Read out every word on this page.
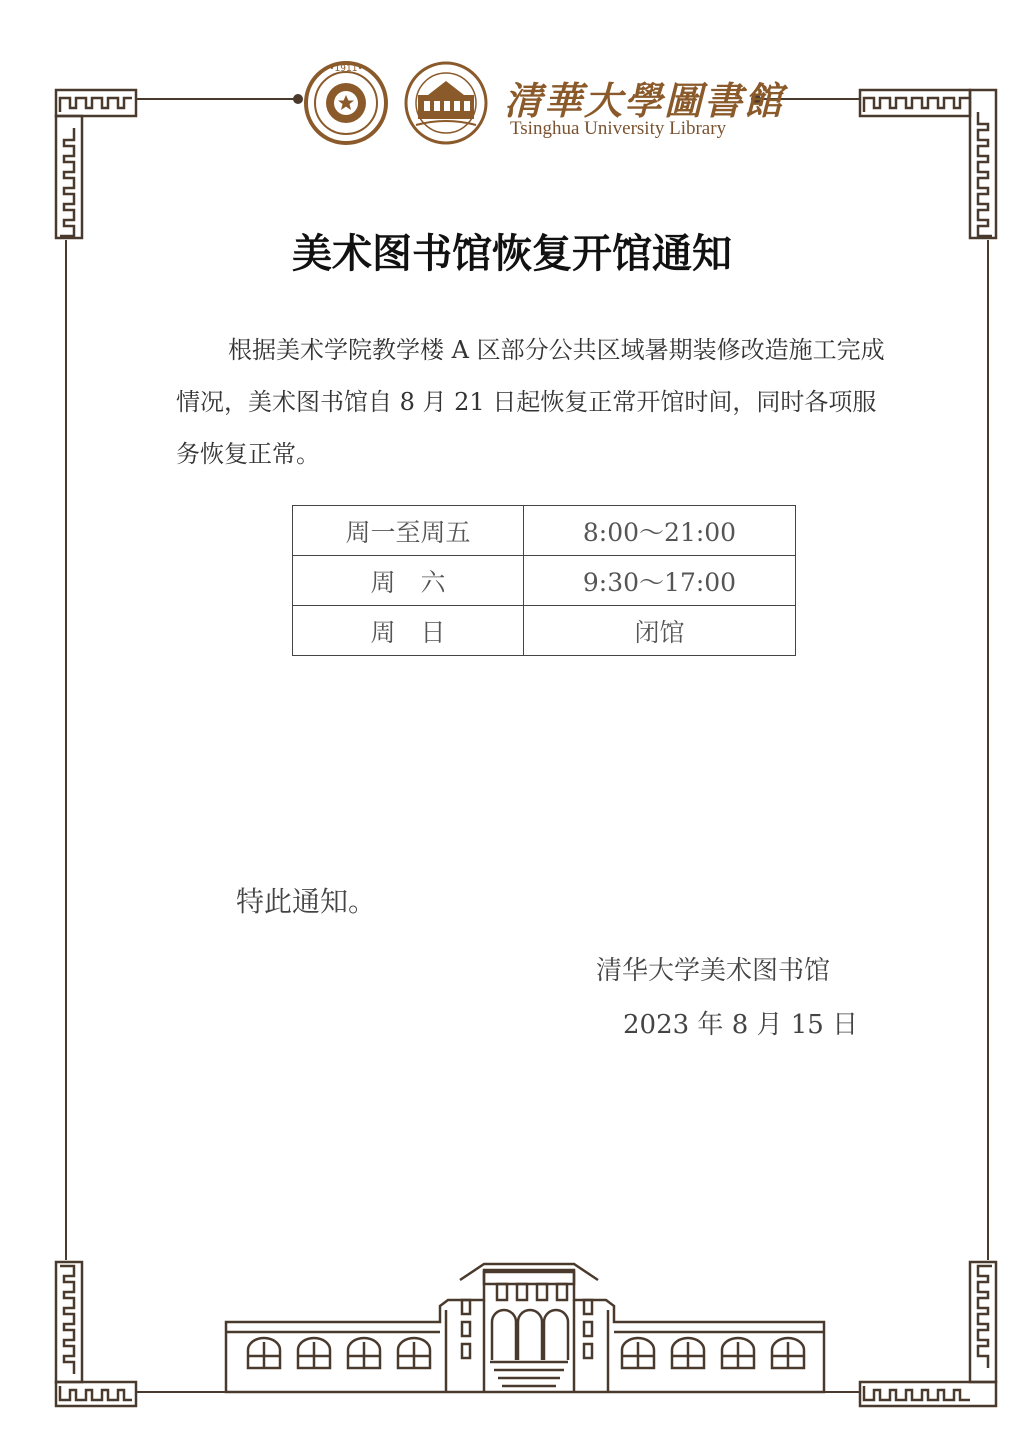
•1911•
清華大學圖書館
Tsinghua University Library
美术图书馆恢复开馆通知
根据美术学院教学楼 A 区部分公共区域暑期装修改造施工完成情况，美术图书馆自 8 月 21 日起恢复正常开馆时间，同时各项服务恢复正常。
周一至周五	8:00～21:00
周　六	9:30～17:00
周　日	闭馆
特此通知。
清华大学美术图书馆
2023 年 8 月 15 日
